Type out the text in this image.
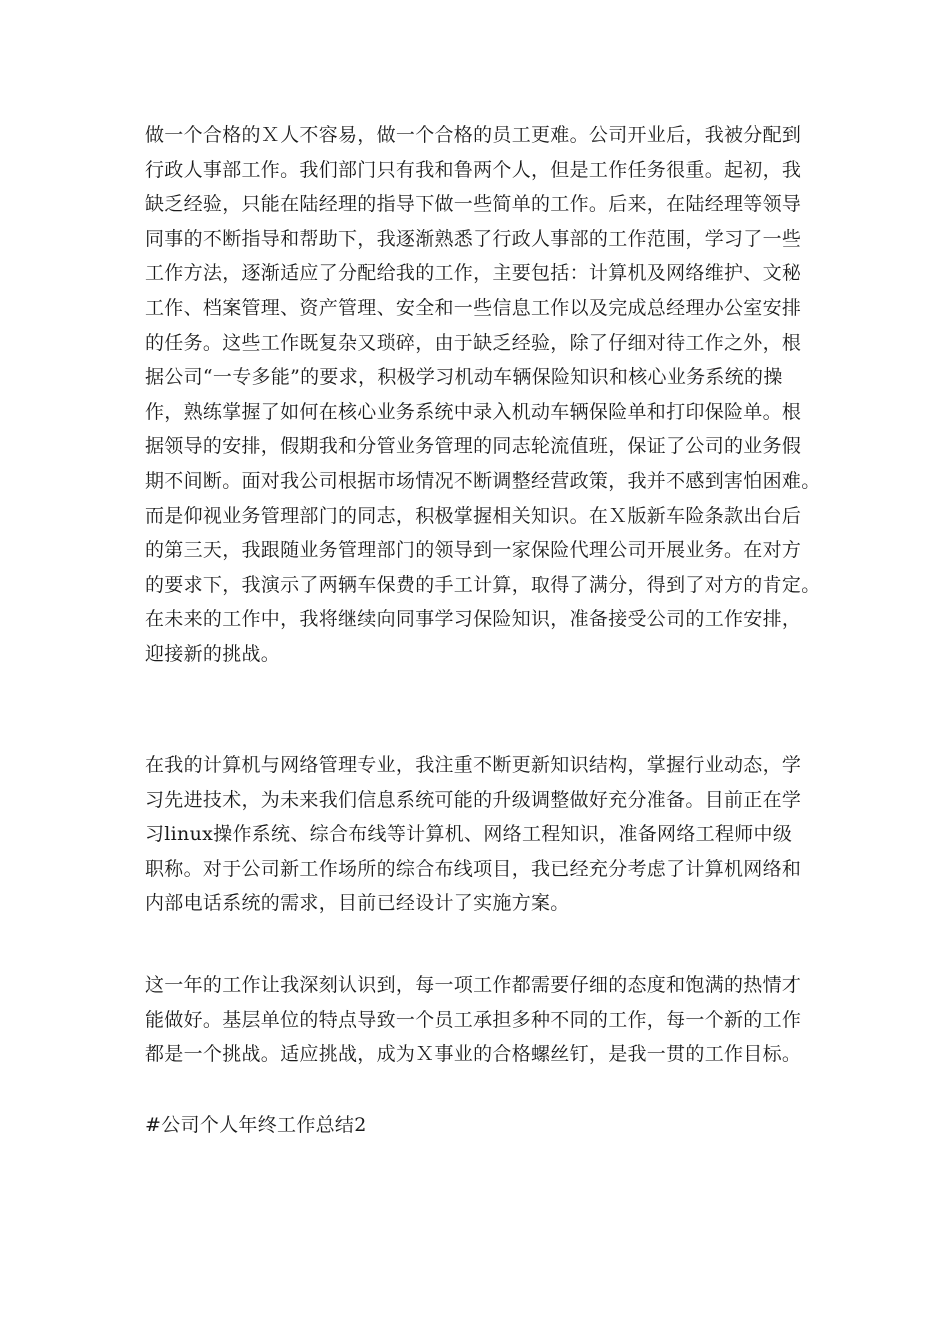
做一个合格的Ｘ人不容易，做一个合格的员工更难。公司开业后，我被分配到
行政人事部工作。我们部门只有我和鲁两个人，但是工作任务很重。起初，我
缺乏经验，只能在陆经理的指导下做一些简单的工作。后来，在陆经理等领导
同事的不断指导和帮助下，我逐渐熟悉了行政人事部的工作范围，学习了一些
工作方法，逐渐适应了分配给我的工作，主要包括：计算机及网络维护、文秘
工作、档案管理、资产管理、安全和一些信息工作以及完成总经理办公室安排
的任务。这些工作既复杂又琐碎，由于缺乏经验，除了仔细对待工作之外，根
据公司“一专多能”的要求，积极学习机动车辆保险知识和核心业务系统的操
作，熟练掌握了如何在核心业务系统中录入机动车辆保险单和打印保险单。根
据领导的安排，假期我和分管业务管理的同志轮流值班，保证了公司的业务假
期不间断。面对我公司根据市场情况不断调整经营政策，我并不感到害怕困难。
而是仰视业务管理部门的同志，积极掌握相关知识。在Ｘ版新车险条款出台后
的第三天，我跟随业务管理部门的领导到一家保险代理公司开展业务。在对方
的要求下，我演示了两辆车保费的手工计算，取得了满分，得到了对方的肯定。
在未来的工作中，我将继续向同事学习保险知识，准备接受公司的工作安排，
迎接新的挑战。
在我的计算机与网络管理专业，我注重不断更新知识结构，掌握行业动态，学
习先进技术，为未来我们信息系统可能的升级调整做好充分准备。目前正在学
习linux操作系统、综合布线等计算机、网络工程知识，准备网络工程师中级
职称。对于公司新工作场所的综合布线项目，我已经充分考虑了计算机网络和
内部电话系统的需求，目前已经设计了实施方案。
这一年的工作让我深刻认识到，每一项工作都需要仔细的态度和饱满的热情才
能做好。基层单位的特点导致一个员工承担多种不同的工作，每一个新的工作
都是一个挑战。适应挑战，成为Ｘ事业的合格螺丝钉，是我一贯的工作目标。
#公司个人年终工作总结2
